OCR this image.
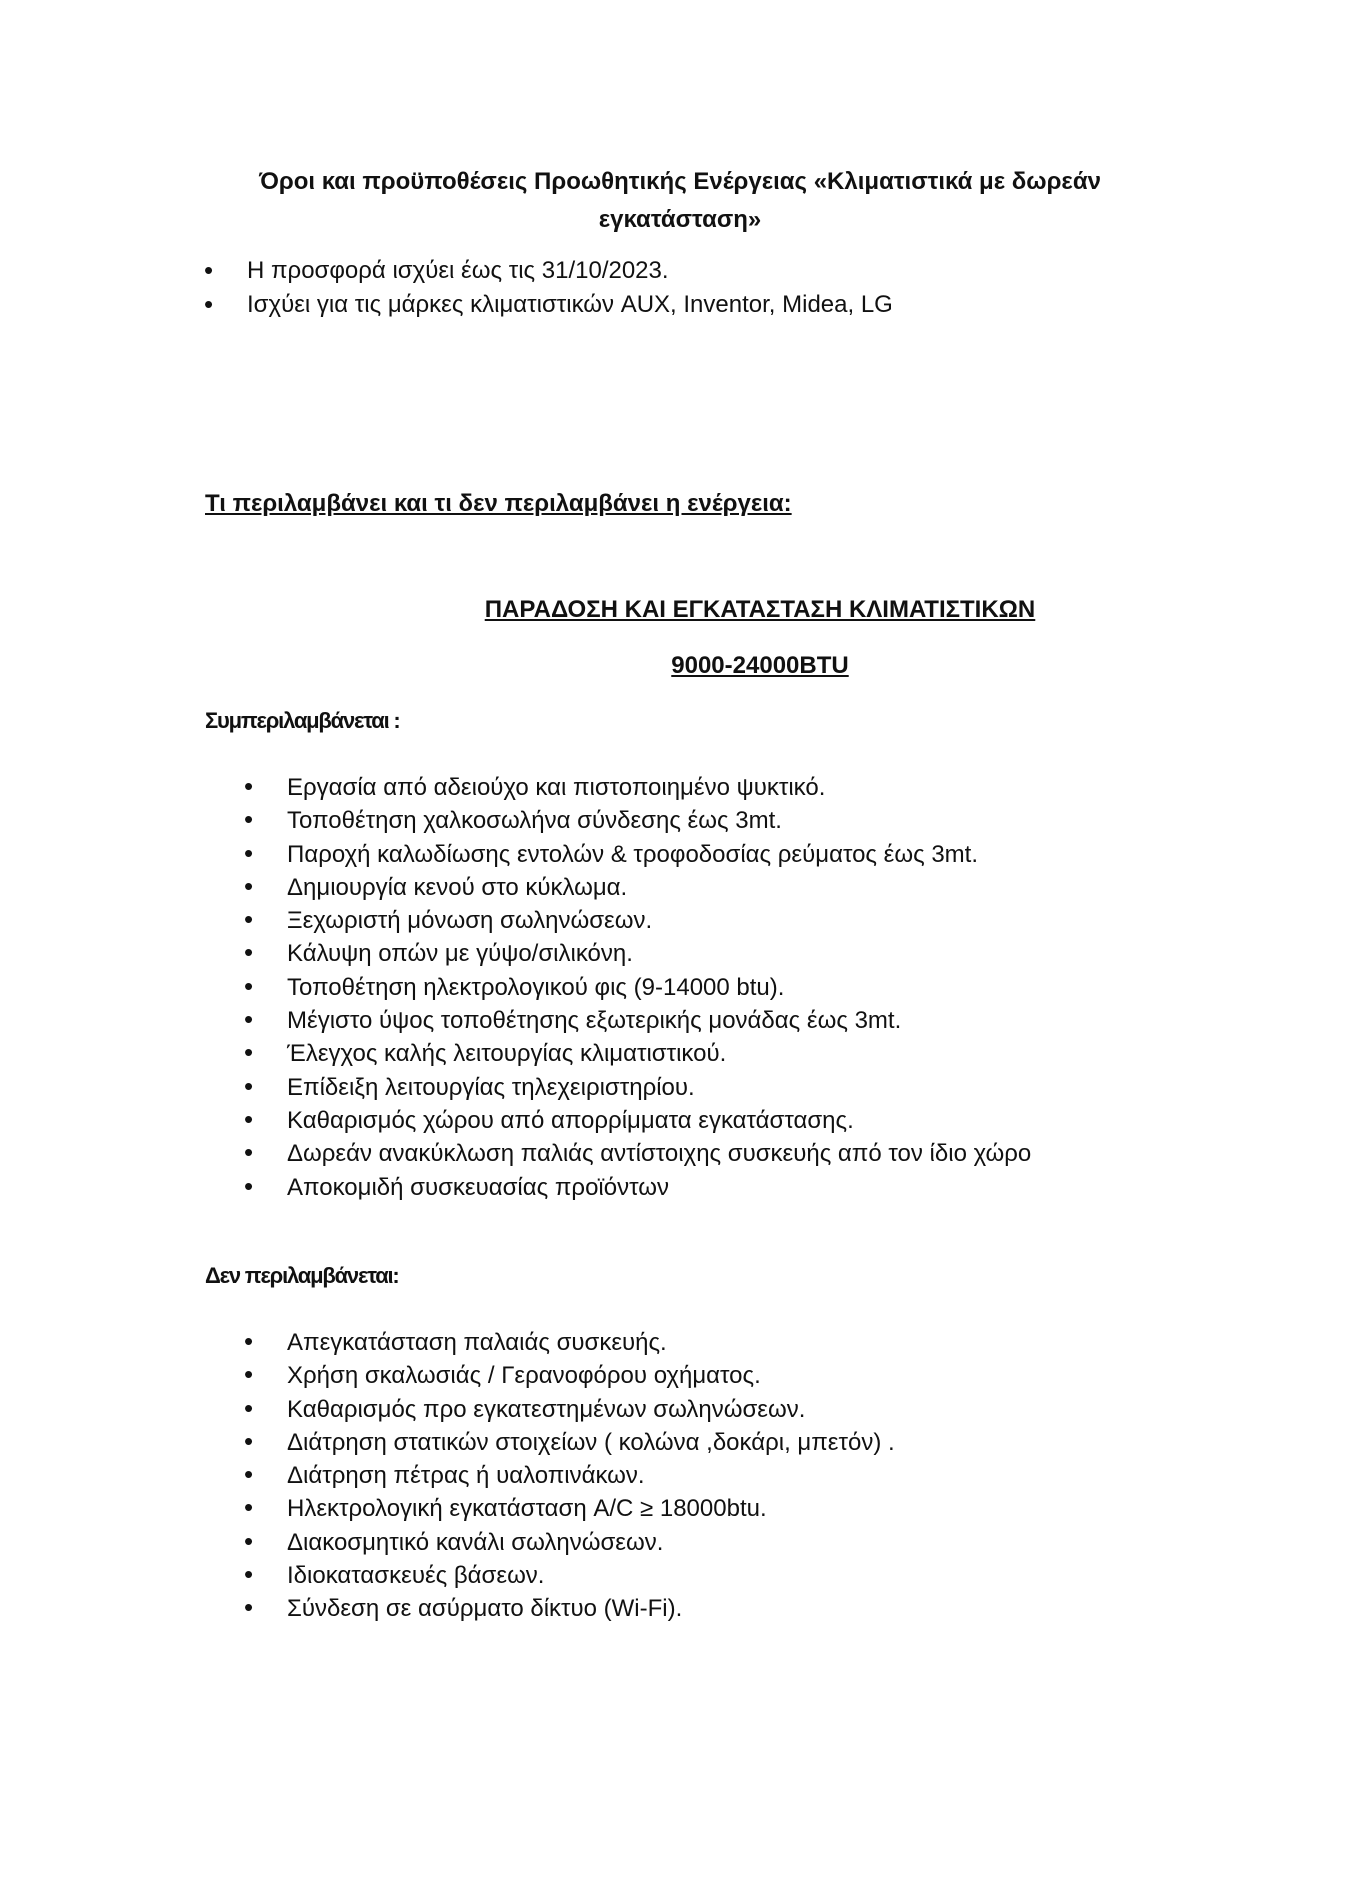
Όροι και προϋποθέσεις Προωθητικής Ενέργειας «Κλιματιστικά με δωρεάν εγκατάσταση»
• Η προσφορά ισχύει έως τις 31/10/2023.
• Ισχύει για τις μάρκες κλιματιστικών AUX, Inventor, Midea, LG
Τι περιλαμβάνει και τι δεν περιλαμβάνει η ενέργεια:
ΠΑΡΑΔΟΣΗ ΚΑΙ ΕΓΚΑΤΑΣΤΑΣΗ ΚΛΙΜΑΤΙΣΤΙΚΩΝ
9000-24000BTU

Συμπεριλαμβάνεται :

• Εργασία από αδειούχο και πιστοποιημένο ψυκτικό.
• Τοποθέτηση χαλκοσωλήνα σύνδεσης έως 3mt.
• Παροχή καλωδίωσης εντολών & τροφοδοσίας ρεύματος έως 3mt.
• Δημιουργία κενού στο κύκλωμα.
• Ξεχωριστή μόνωση σωληνώσεων.
• Κάλυψη οπών με γύψο/σιλικόνη.
• Τοποθέτηση ηλεκτρολογικού φις (9-14000 btu).
• Μέγιστο ύψος τοποθέτησης εξωτερικής μονάδας έως 3mt.
• Έλεγχος καλής λειτουργίας κλιματιστικού.
• Επίδειξη λειτουργίας τηλεχειριστηρίου.
• Καθαρισμός χώρου από απορρίμματα εγκατάστασης.
• Δωρεάν ανακύκλωση παλιάς αντίστοιχης συσκευής από τον ίδιο χώρο
• Αποκομιδή συσκευασίας προϊόντων

Δεν περιλαμβάνεται:

• Απεγκατάσταση παλαιάς συσκευής.
• Χρήση σκαλωσιάς / Γερανοφόρου οχήματος.
• Καθαρισμός προ εγκατεστημένων σωληνώσεων.
• Διάτρηση στατικών στοιχείων ( κολώνα ,δοκάρι, μπετόν) .
• Διάτρηση πέτρας ή υαλοπινάκων.
• Ηλεκτρολογική εγκατάσταση A/C ≥ 18000btu.
• Διακοσμητικό κανάλι σωληνώσεων.
• Ιδιοκατασκευές βάσεων.
• Σύνδεση σε ασύρματο δίκτυο (Wi-Fi).
